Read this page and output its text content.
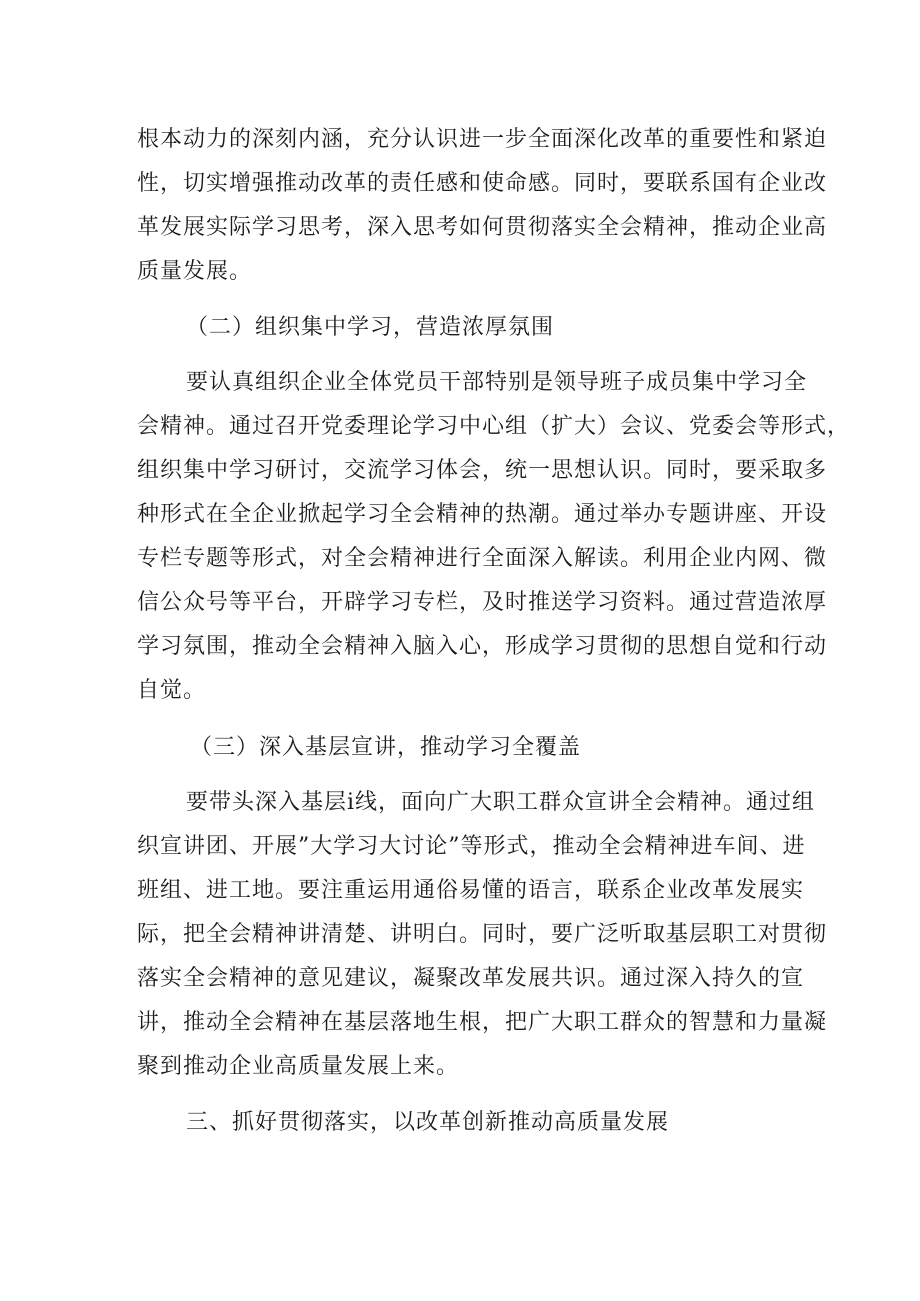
根本动力的深刻内涵，充分认识进一步全面深化改革的重要性和紧迫
性，切实增强推动改革的责任感和使命感。同时，要联系国有企业改
革发展实际学习思考，深入思考如何贯彻落实全会精神，推动企业高
质量发展。
（二）组织集中学习，营造浓厚氛围
要认真组织企业全体党员干部特别是领导班子成员集中学习全
会精神。通过召开党委理论学习中心组（扩大）会议、党委会等形式，
组织集中学习研讨，交流学习体会，统一思想认识。同时，要采取多
种形式在全企业掀起学习全会精神的热潮。通过举办专题讲座、开设
专栏专题等形式，对全会精神进行全面深入解读。利用企业内网、微
信公众号等平台，开辟学习专栏，及时推送学习资料。通过营造浓厚
学习氛围，推动全会精神入脑入心，形成学习贯彻的思想自觉和行动
自觉。
（三）深入基层宣讲，推动学习全覆盖
要带头深入基层i线，面向广大职工群众宣讲全会精神。通过组
织宣讲团、开展”大学习大讨论”等形式，推动全会精神进车间、进
班组、进工地。要注重运用通俗易懂的语言，联系企业改革发展实
际，把全会精神讲清楚、讲明白。同时，要广泛听取基层职工对贯彻
落实全会精神的意见建议，凝聚改革发展共识。通过深入持久的宣
讲，推动全会精神在基层落地生根，把广大职工群众的智慧和力量凝
聚到推动企业高质量发展上来。
三、抓好贯彻落实，以改革创新推动高质量发展
